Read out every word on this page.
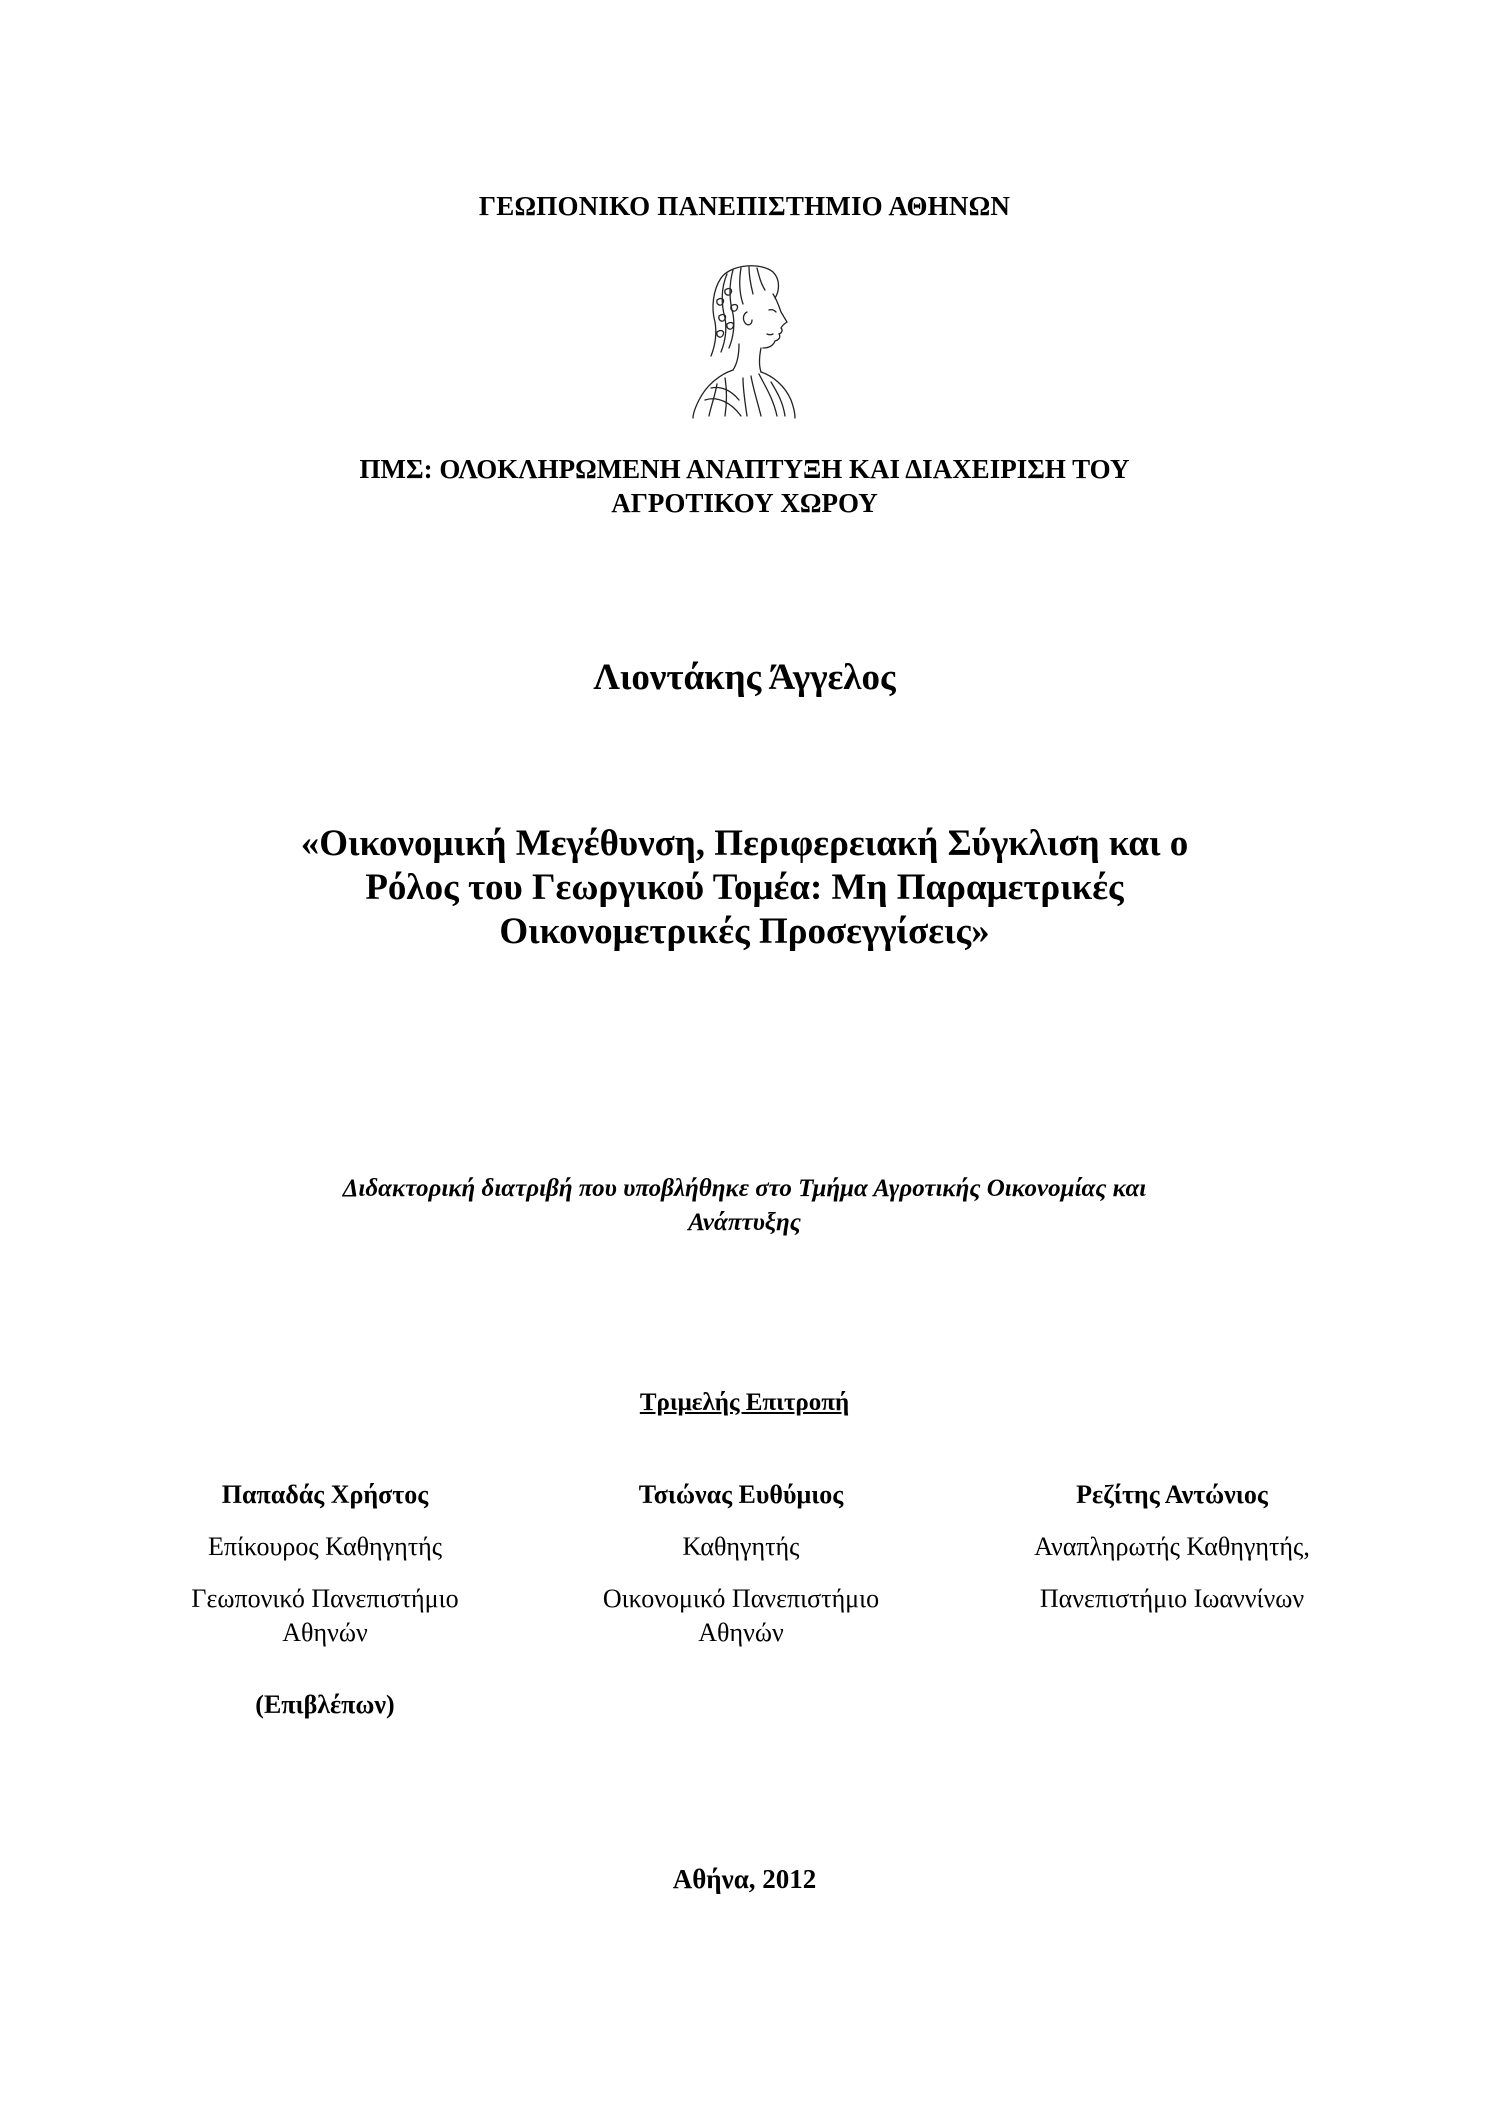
ΓΕΩΠΟΝΙΚΟ ΠΑΝΕΠΙΣΤΗΜΙΟ ΑΘΗΝΩΝ

ΠΜΣ: ΟΛΟΚΛΗΡΩΜΕΝΗ ΑΝΑΠΤΥΞΗ ΚΑΙ ΔΙΑΧΕΙΡΙΣΗ ΤΟΥ
ΑΓΡΟΤΙΚΟΥ ΧΩΡΟΥ

Λιοντάκης Άγγελος

«Οικονομική Μεγέθυνση, Περιφερειακή Σύγκλιση και ο
Ρόλος του Γεωργικού Τομέα: Μη Παραμετρικές
Οικονομετρικές Προσεγγίσεις»
Διδακτορική διατριβή που υποβλήθηκε στο Τμήμα Αγροτικής Οικονομίας και
Ανάπτυξης

Τριμελής Επιτροπή

Παπαδάς Χρήστος

Επίκουρος Καθηγητής

Γεωπονικό Πανεπιστήμιο
Αθηνών

Τσιώνας Ευθύμιος

Καθηγητής

Οικονομικό Πανεπιστήμιο
Αθηνών

Ρεζίτης Αντώνιος

Αναπληρωτής Καθηγητής,

Πανεπιστήμιο Ιωαννίνων

(Επιβλέπων)

Αθήνα, 2012
